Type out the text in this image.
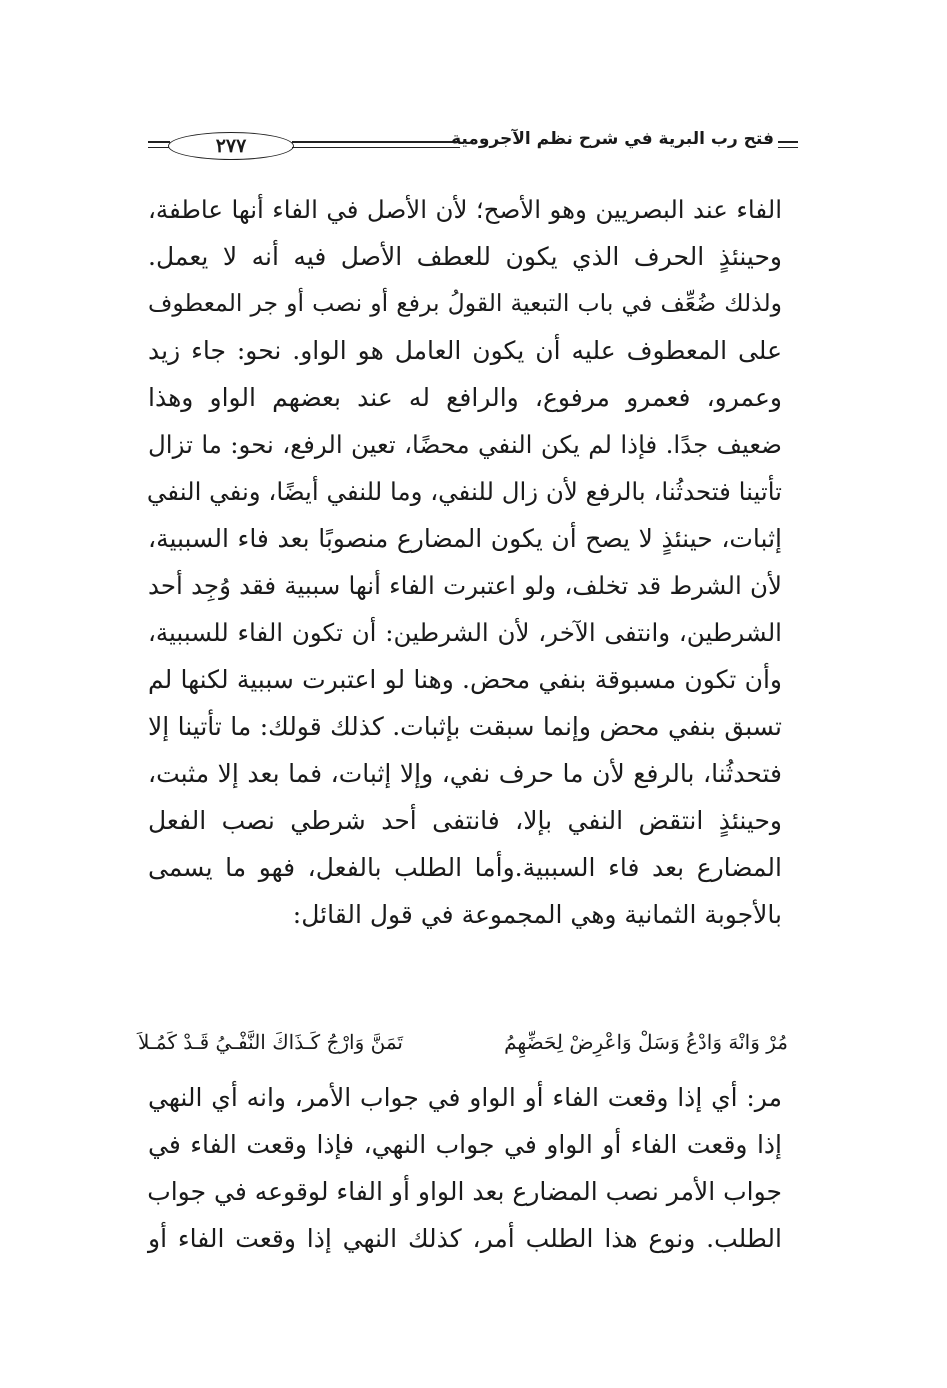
٢٧٧	فتح رب البرية في شرح نظم الآجرومية
الفاء عند البصريين وهو الأصح؛ لأن الأصل في الفاء أنها عاطفة،
وحينئذٍ الحرف الذي يكون للعطف الأصل فيه أنه لا يعمل.
ولذلك ضُعِّف في باب التبعية القولُ برفع أو نصب أو جر المعطوف
على المعطوف عليه أن يكون العامل هو الواو. نحو: جاء زيد
وعمرو، فعمرو مرفوع، والرافع له عند بعضهم الواو وهذا
ضعيف جدًا. فإذا لم يكن النفي محضًا، تعين الرفع، نحو: ما تزال
تأتينا فتحدثُنا، بالرفع لأن زال للنفي، وما للنفي أيضًا، ونفي النفي
إثبات، حينئذٍ لا يصح أن يكون المضارع منصوبًا بعد فاء السببية،
لأن الشرط قد تخلف، ولو اعتبرت الفاء أنها سببية فقد وُجِد أحد
الشرطين، وانتفى الآخر، لأن الشرطين: أن تكون الفاء للسببية،
وأن تكون مسبوقة بنفي محض. وهنا لو اعتبرت سببية لكنها لم
تسبق بنفي محض وإنما سبقت بإثبات. كذلك قولك: ما تأتينا إلا
فتحدثُنا، بالرفع لأن ما حرف نفي، وإلا إثبات، فما بعد إلا مثبت،
وحينئذٍ انتقض النفي بإلا، فانتفى أحد شرطي نصب الفعل
المضارع بعد فاء السببية.وأما الطلب بالفعل، فهو ما يسمى
بالأجوبة الثمانية وهي المجموعة في قول القائل:
مُرْ وَانْهَ وَادْعُ وَسَلْ وَاعْرِضْ لِحَضِّهِمُ
تَمَنَّ وَارْجُ كَـذَاكَ النَّفْـيُ قَـدْ كَمُـلاَ
مر: أي إذا وقعت الفاء أو الواو في جواب الأمر، وانه أي النهي
إذا وقعت الفاء أو الواو في جواب النهي، فإذا وقعت الفاء في
جواب الأمر نصب المضارع بعد الواو أو الفاء لوقوعه في جواب
الطلب. ونوع هذا الطلب أمر، كذلك النهي إذا وقعت الفاء أو
